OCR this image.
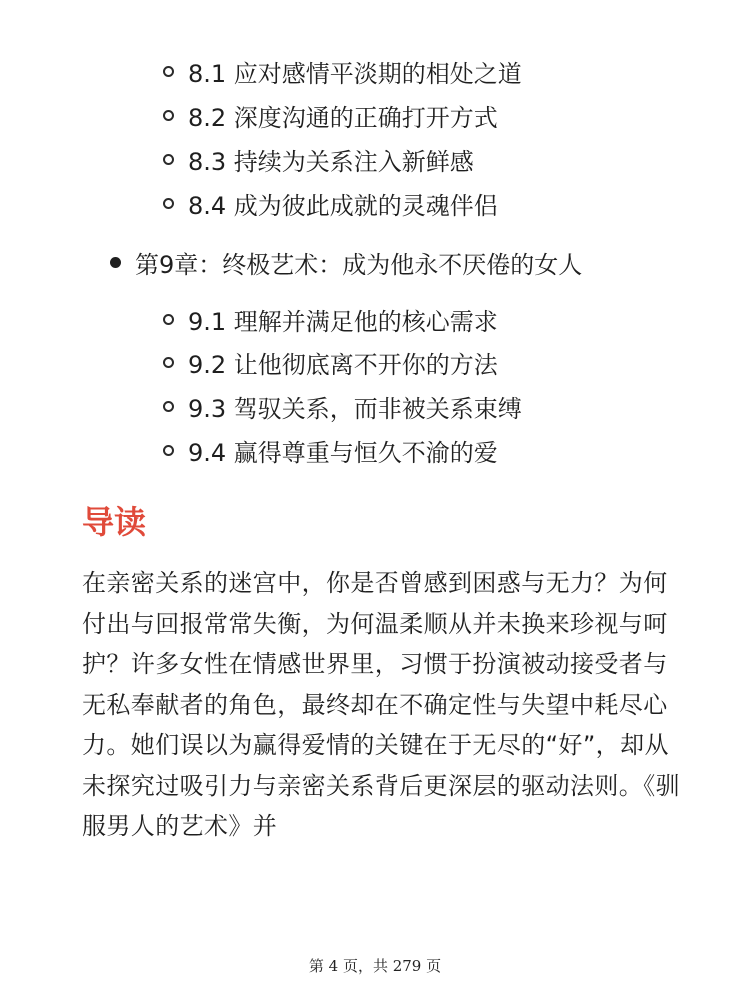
8.1 应对感情平淡期的相处之道
8.2 深度沟通的正确打开方式
8.3 持续为关系注入新鲜感
8.4 成为彼此成就的灵魂伴侣
第9章：终极艺术：成为他永不厌倦的女人
9.1 理解并满足他的核心需求
9.2 让他彻底离不开你的方法
9.3 驾驭关系，而非被关系束缚
9.4 赢得尊重与恒久不渝的爱
导读

在亲密关系的迷宫中，你是否曾感到困惑与无力？为何付出与回报常常失衡，为何温柔顺从并未换来珍视与呵护？许多女性在情感世界里，习惯于扮演被动接受者与无私奉献者的角色，最终却在不确定性与失望中耗尽心力。她们误以为赢得爱情的关键在于无尽的“好”，却从未探究过吸引力与亲密关系背后更深层的驱动法则。《驯服男人的艺术》并

第 4 页，共 279 页
